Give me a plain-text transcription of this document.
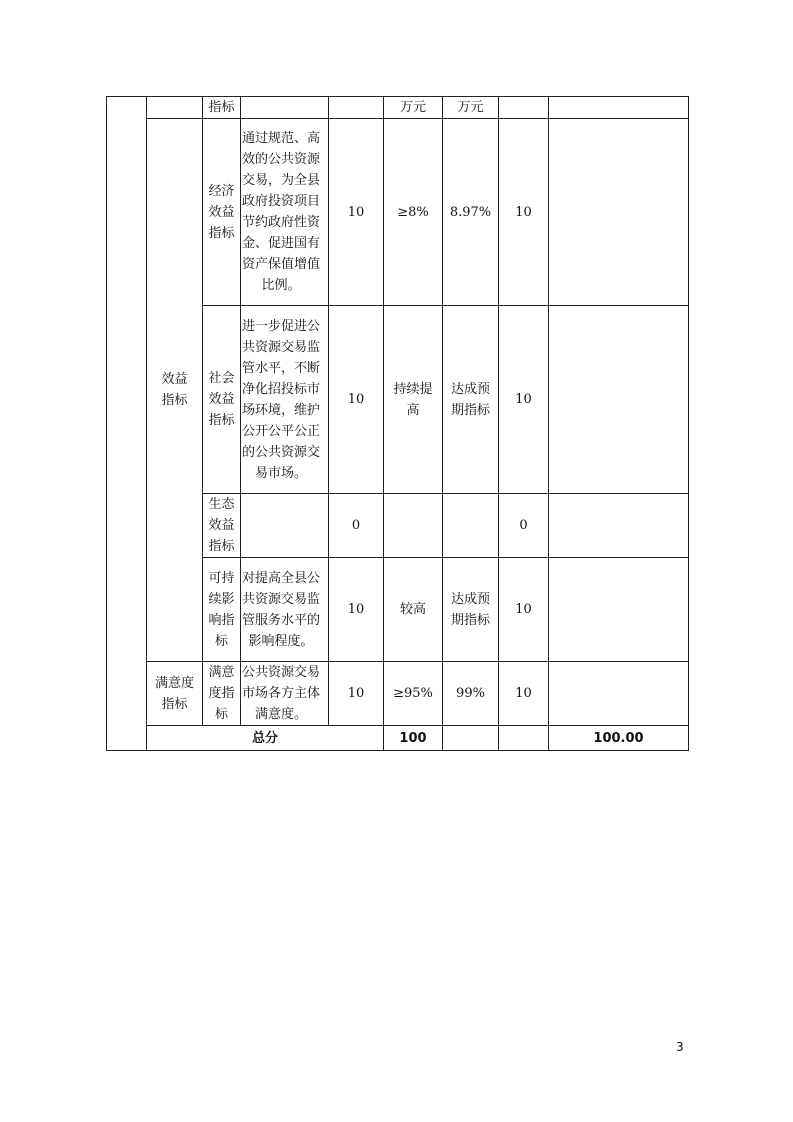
		指标			万元	万元			

	效益指标	经济效益指标	通过规范、高效的公共资源交易，为全县政府投资项目节约政府性资金、促进国有资产保值增值比例。	10	≥8%	8.97%	10		

		社会效益指标	进一步促进公共资源交易监管水平，不断净化招投标市场环境，维护公开公平公正的公共资源交易市场。	10	持续提高	达成预期指标	10		

		生态效益指标		0			0		

		可持续影响指标	对提高全县公共资源交易监管服务水平的影响程度。	10	较高	达成预期指标	10		

	满意度指标	满意度指标	公共资源交易市场各方主体满意度。	10	≥95%	99%	10		
	总分				100			100.00	
3
